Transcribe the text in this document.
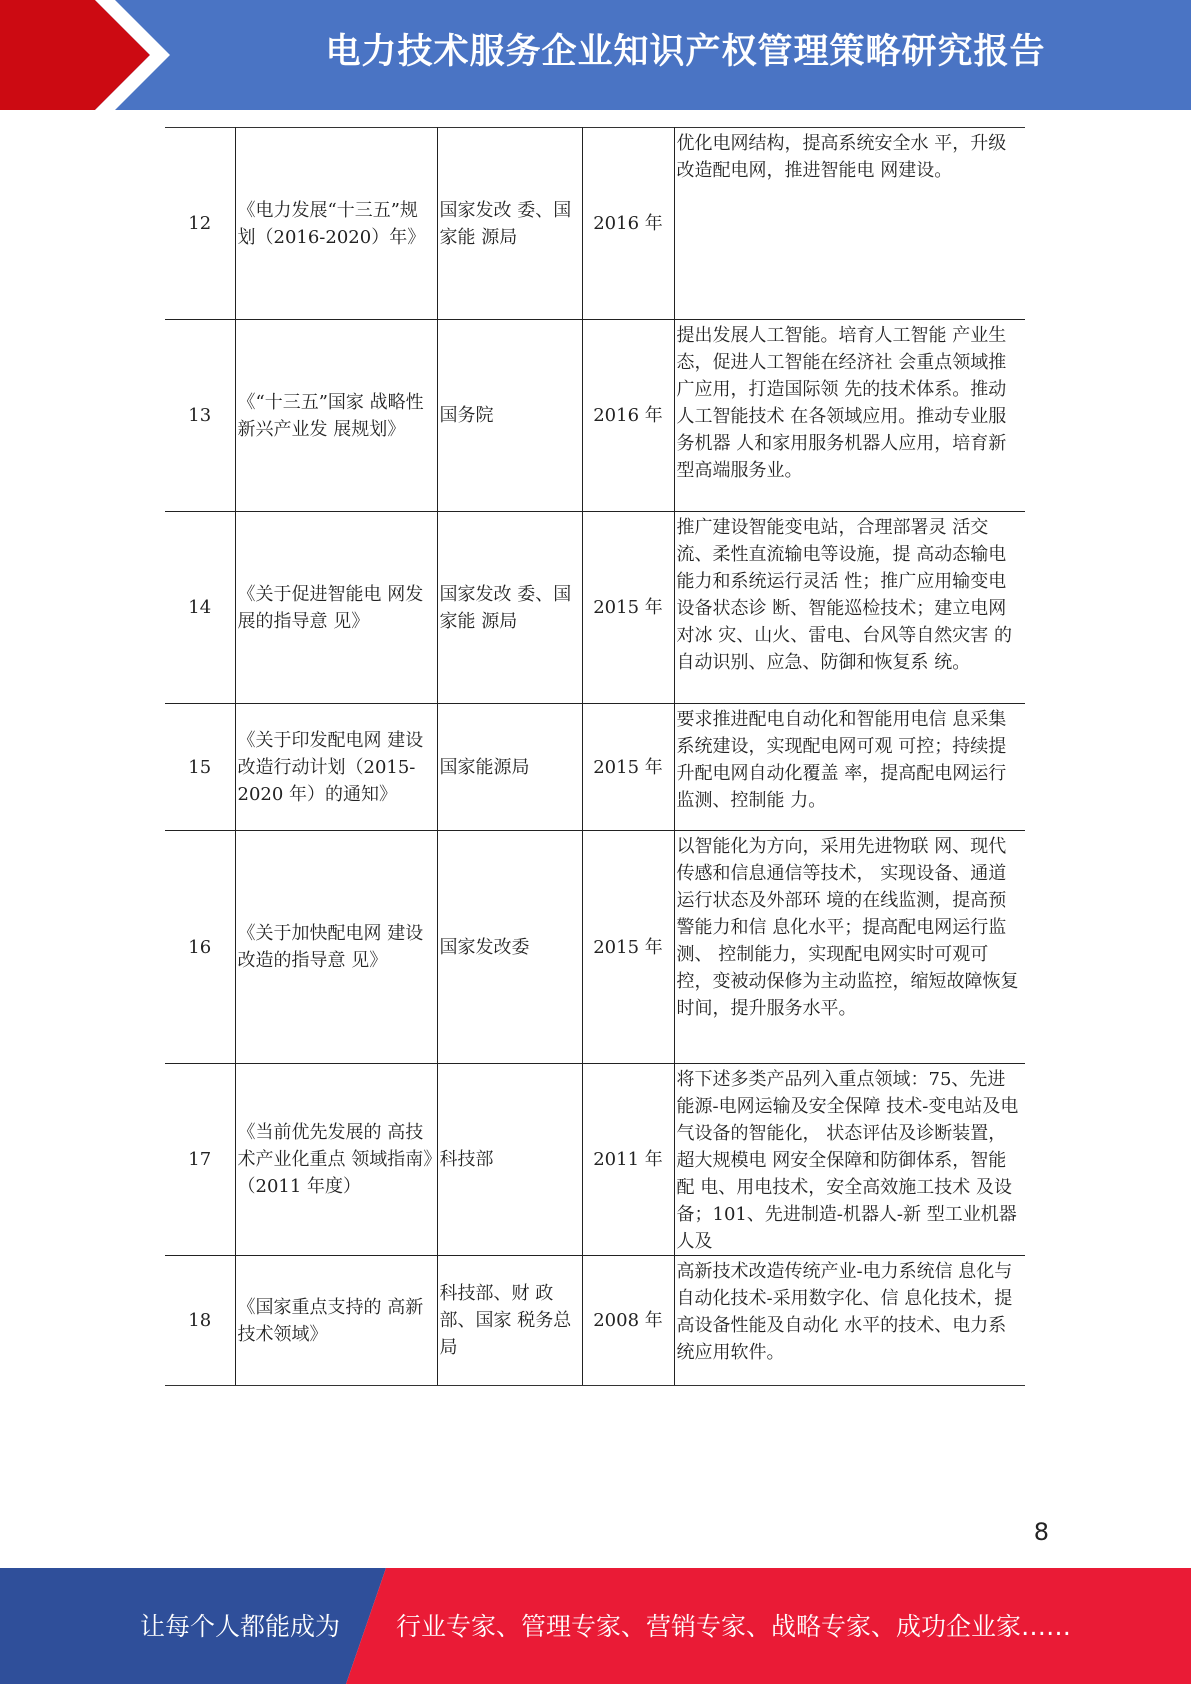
电力技术服务企业知识产权管理策略研究报告
12	《电力发展“十三五”规划（2016-2020）年》	国家发改 委、国家能 源局	2016 年	优化电网结构，提高系统安全水 平，升级改造配电网，推进智能电 网建设。
13	《“十三五”国家 战略性新兴产业发 展规划》	国务院	2016 年	提出发展人工智能。培育人工智能 产业生态，促进人工智能在经济社 会重点领域推广应用，打造国际领 先的技术体系。推动人工智能技术 在各领域应用。推动专业服务机器 人和家用服务机器人应用，培育新 型高端服务业。
14	《关于促进智能电 网发展的指导意 见》	国家发改 委、国家能 源局	2015 年	推广建设智能变电站，合理部署灵 活交流、柔性直流输电等设施，提 高动态输电能力和系统运行灵活 性；推广应用输变电设备状态诊 断、智能巡检技术；建立电网对冰 灾、山火、雷电、台风等自然灾害 的自动识别、应急、防御和恢复系 统。
15	《关于印发配电网 建设改造行动计划（2015-2020 年）的通知》	国家能源局	2015 年	要求推进配电自动化和智能用电信 息采集系统建设，实现配电网可观 可控；持续提升配电网自动化覆盖 率，提高配电网运行监测、控制能 力。
16	《关于加快配电网 建设改造的指导意 见》	国家发改委	2015 年	以智能化为方向，采用先进物联 网、现代传感和信息通信等技术， 实现设备、通道运行状态及外部环 境的在线监测，提高预警能力和信 息化水平；提高配电网运行监测、 控制能力，实现配电网实时可观可 控，变被动保修为主动监控，缩短故障恢复时间，提升服务水平。
17	《当前优先发展的 高技术产业化重点 领域指南》（2011 年度）	科技部	2011 年	将下述多类产品列入重点领域：75、先进能源-电网运输及安全保障 技术-变电站及电气设备的智能化， 状态评估及诊断装置，超大规模电 网安全保障和防御体系，智能配 电、用电技术，安全高效施工技术 及设备；101、先进制造-机器人-新 型工业机器人及
18	《国家重点支持的 高新技术领域》	科技部、财 政部、国家 税务总局	2008 年	高新技术改造传统产业-电力系统信 息化与自动化技术-采用数字化、信 息化技术，提高设备性能及自动化 水平的技术、电力系统应用软件。
8
让每个人都能成为 行业专家、管理专家、营销专家、战略专家、成功企业家……
